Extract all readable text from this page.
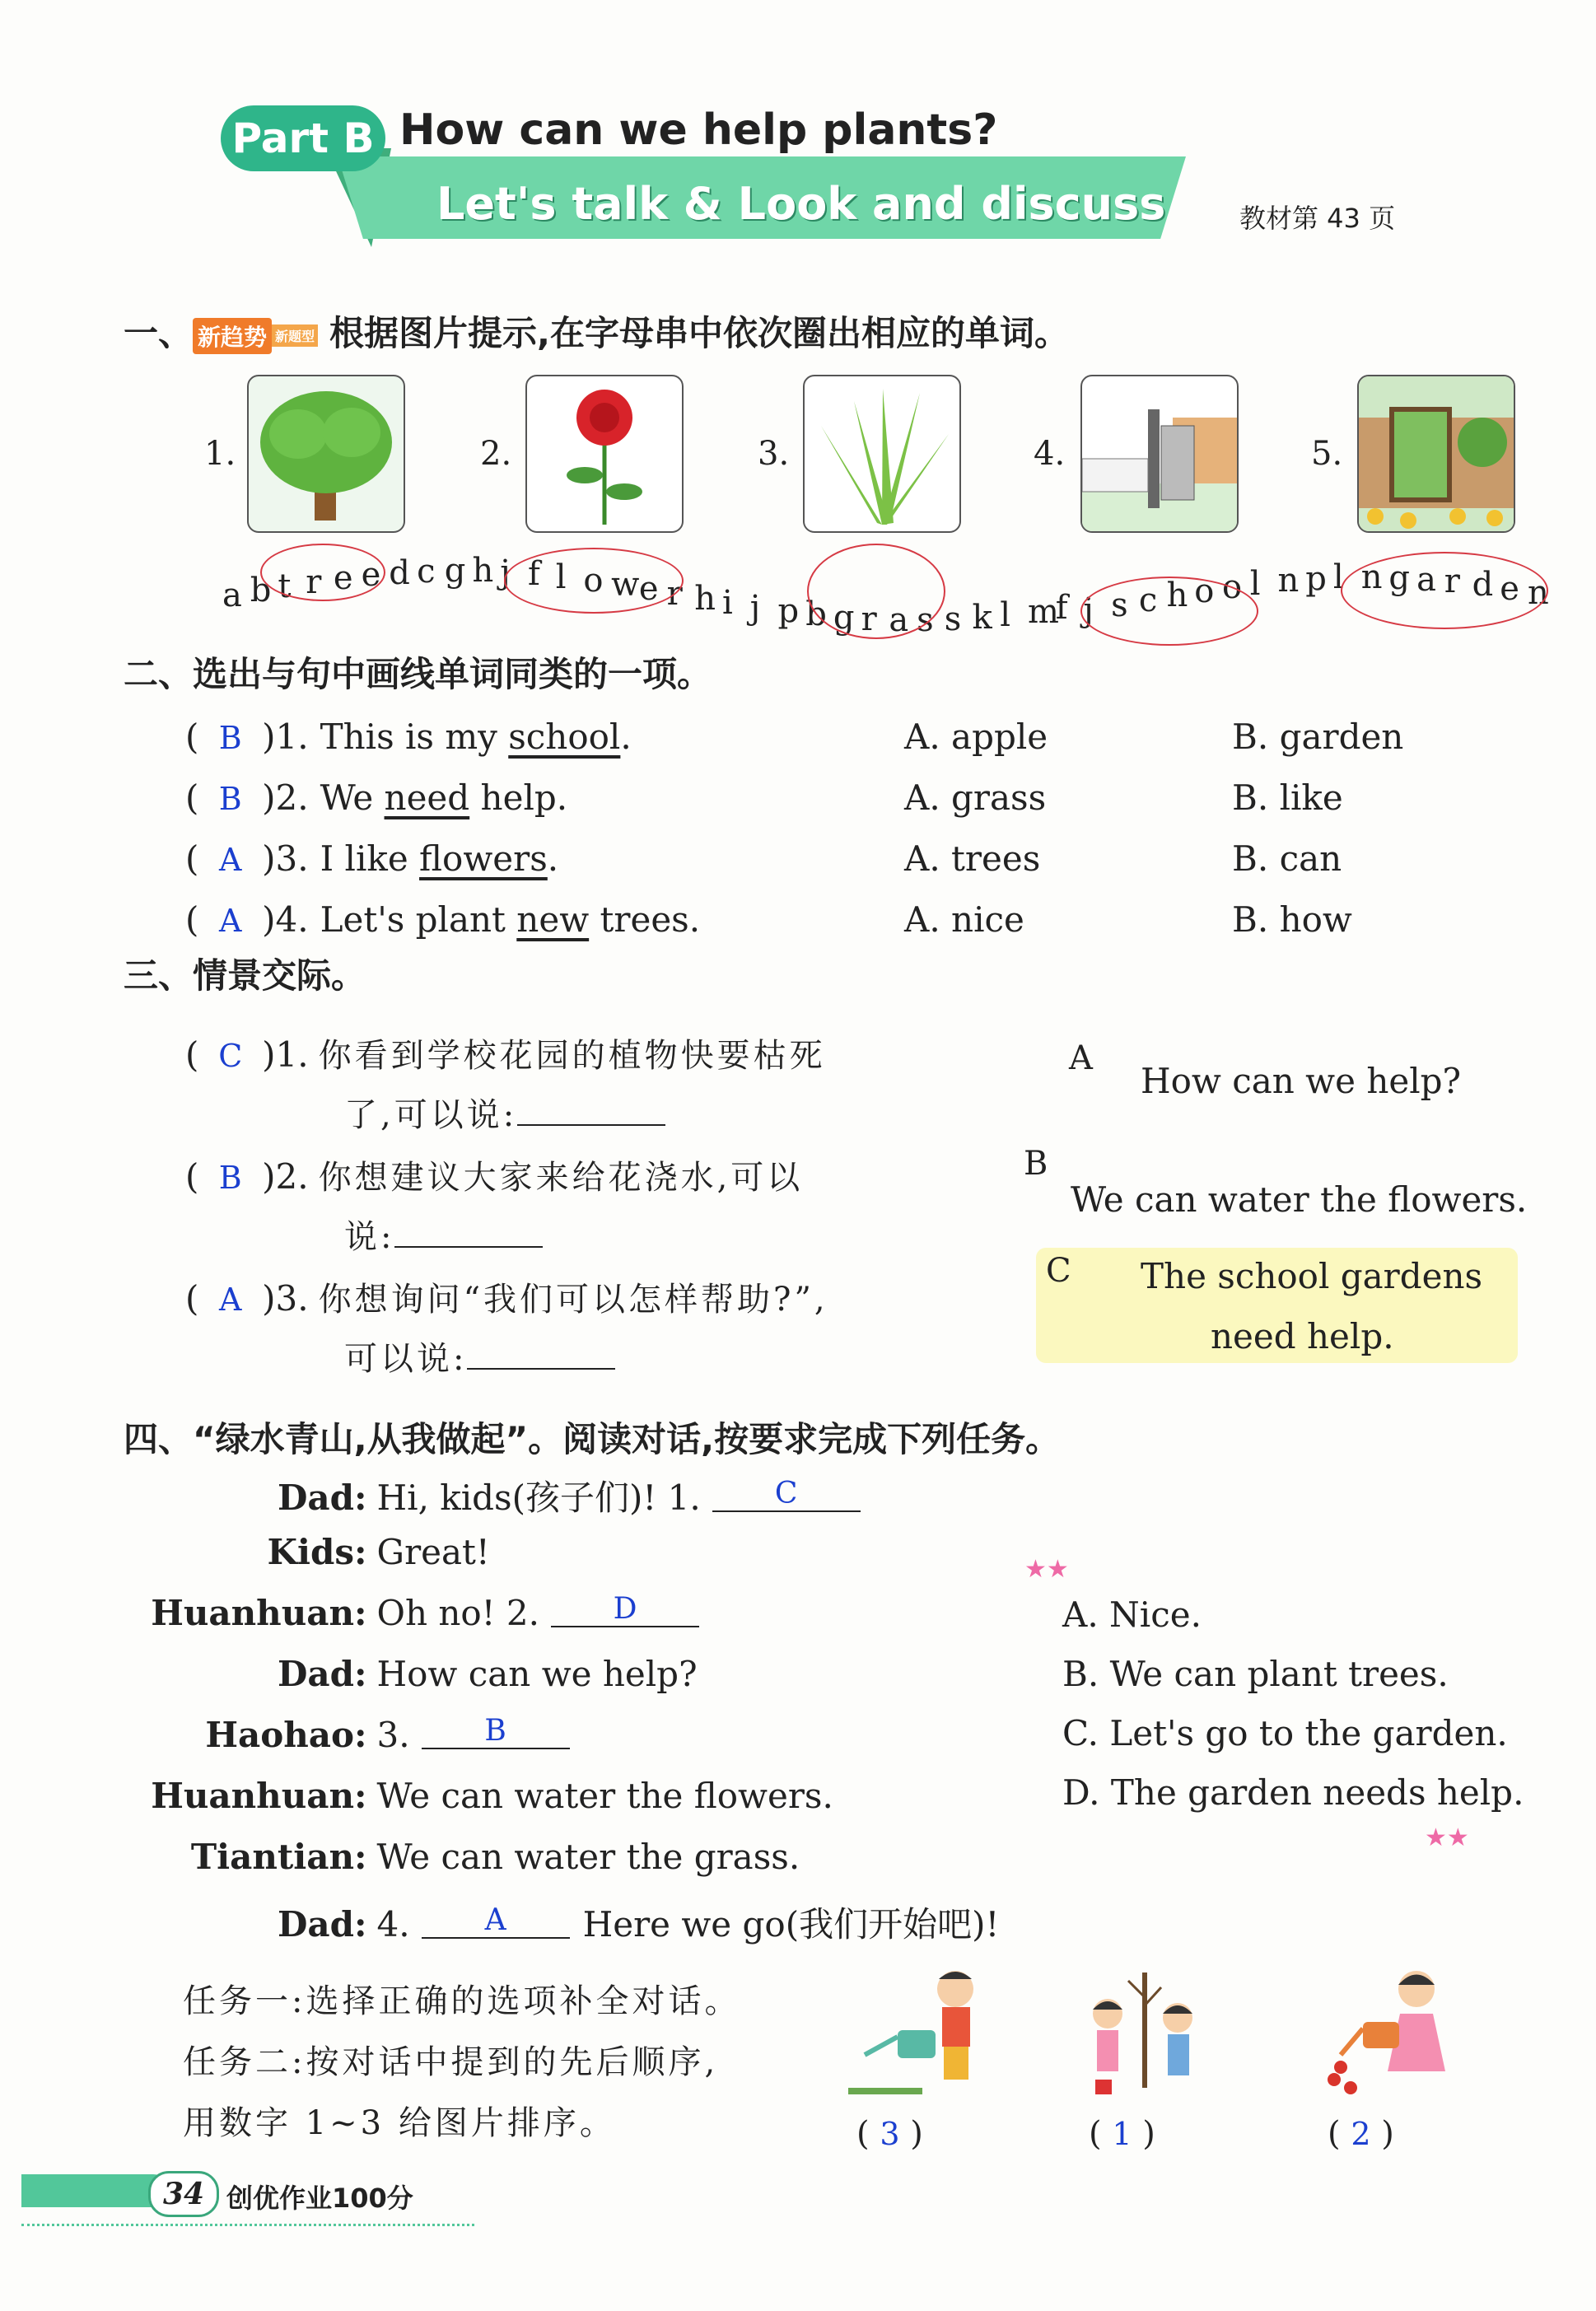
Part B How can we help plants?
Let's talk & Look and discuss	教材第 43 页
一、 新趋势 新题型 根据图片提示,在字母串中依次圈出相应的单词。
1.	2.	3.	4.	5.
a b t r e e d c g h j f l o w e r h i j p b g r a s s k l m
f j s c h o o l n p l n g a r d e n
二、选出与句中画线单词同类的一项。
( B )1. This is my school.	A. apple	B. garden
( B )2. We need help.	A. grass	B. like
( A )3. I like flowers.	A. trees	B. can
( A )4. Let's plant new trees.	A. nice	B. how
三、情景交际。
( C )1. 你看到学校花园的植物快要枯死
了,可以说:
( B )2. 你想建议大家来给花浇水,可以
说:
( A )3. 你想询问“我们可以怎样帮助?”,
可以说:
A
How can we help?
B
We can water the flowers.
C The school gardens
need help.
四、“绿水青山,从我做起”。阅读对话,按要求完成下列任务。
Dad: Hi, kids(孩子们)! 1.	C
Kids: Great!
Huanhuan: Oh no! 2. D
Dad: How can we help?
Haohao: 3.	B
Huanhuan: We can water the flowers.
Tiantian: We can water the grass.
Dad: 4.	A Here we go(我们开始吧)!
★★
★★
A. Nice.
B. We can plant trees.
C. Let's go to the garden.
D. The garden needs help.
任务一:选择正确的选项补全对话。
任务二:按对话中提到的先后顺序,
用数字 1~3 给图片排序。	( 3 )	( 1 )	( 2 )
34 创优作业100分
